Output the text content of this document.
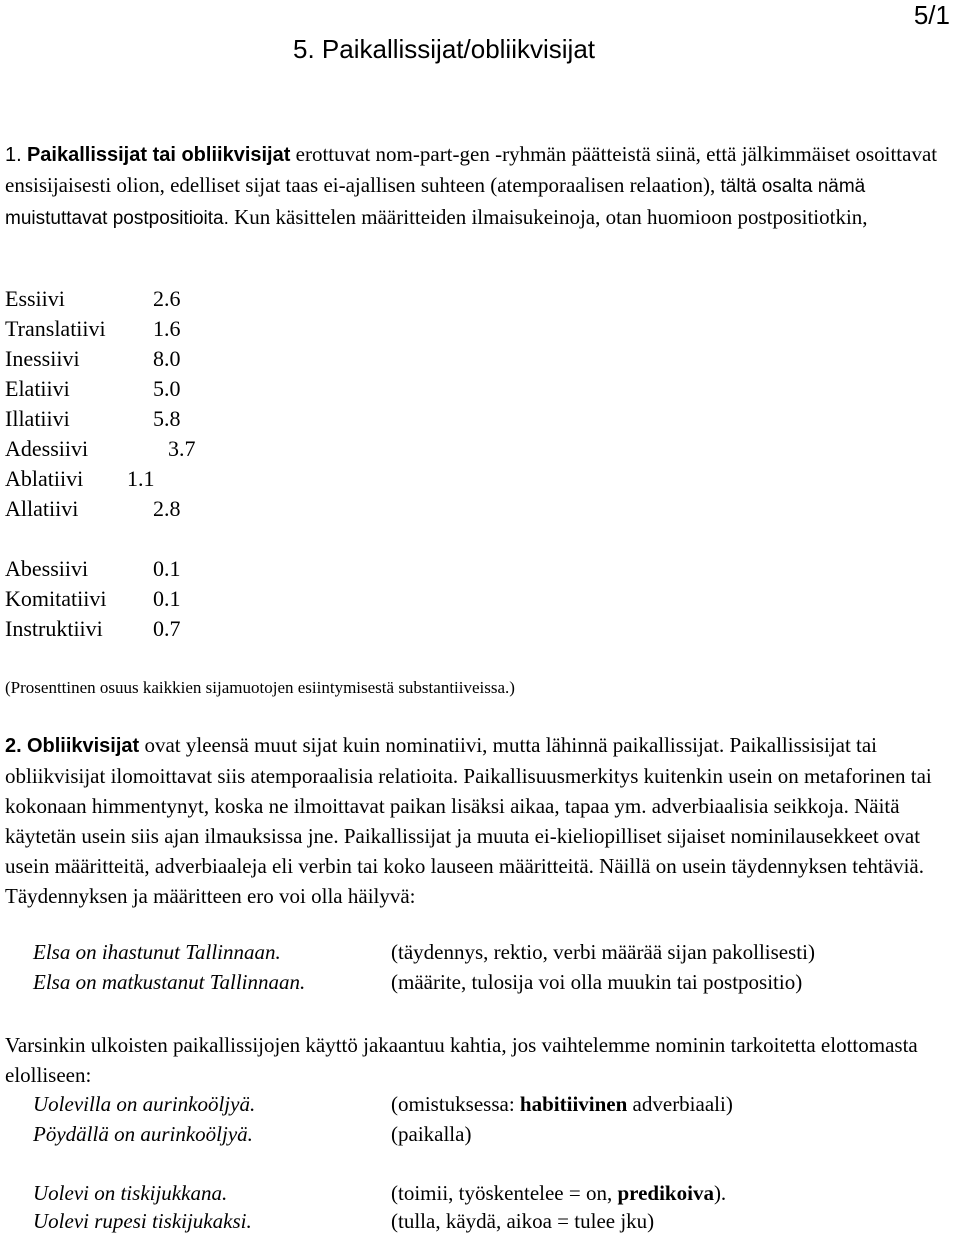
5/1
5. Paikallissijat/obliikvisijat
1. Paikallissijat tai obliikvisijat erottuvat nom-part-gen -ryhmän päätteistä siinä, että jälkimmäiset osoittavat ensisijaisesti olion, edelliset sijat taas ei-ajallisen suhteen (atemporaalisen relaation), tältä osalta nämä muistuttavat postpositioita. Kun käsittelen määritteiden ilmaisukeinoja, otan huomioon postpositiotkin,
Essiivi	2.6
Translatiivi 1.6
Inessiivi	8.0
Elatiivi	5.0
Illatiivi	5.8
Adessiivi	3.7
Ablatiivi 1.1
Allatiivi	2.8
Abessiivi	0.1
Komitatiivi 0.1
Instruktiivi 0.7
(Prosenttinen osuus kaikkien sijamuotojen esiintymisestä substantiiveissa.)
2. Obliikvisijat ovat yleensä muut sijat kuin nominatiivi, mutta lähinnä paikallissijat. Paikallissisijat tai obliikvisijat ilomoittavat siis atemporaalisia relatioita. Paikallisuusmerkitys kuitenkin usein on metaforinen tai kokonaan himmentynyt, koska ne ilmoittavat paikan lisäksi aikaa, tapaa ym. adverbiaalisia seikkoja. Näitä käytetän usein siis ajan ilmauksissa jne. Paikallissijat ja muuta ei-kieliopilliset sijaiset nominilausekkeet ovat usein määritteitä, adverbiaaleja eli verbin tai koko lauseen määritteitä. Näillä on usein täydennyksen tehtäviä. Täydennyksen ja määritteen ero voi olla häilyvä:
Elsa on ihastunut Tallinnaan.	(täydennys, rektio, verbi määrää sijan pakollisesti)
Elsa on matkustanut Tallinnaan.	(määrite, tulosija voi olla muukin tai postpositio)
Varsinkin ulkoisten paikallissijojen käyttö jakaantuu kahtia, jos vaihtelemme nominin tarkoitetta elottomasta elolliseen:
Uolevilla on aurinkoöljyä.	(omistuksessa: habitiivinen adverbiaali)
Pöydällä on aurinkoöljyä.	(paikalla)
Uolevi on tiskijukkana.	(toimii, työskentelee = on, predikoiva).
Uolevi rupesi tiskijukaksi.	(tulla, käydä, aikoa = tulee jku)
